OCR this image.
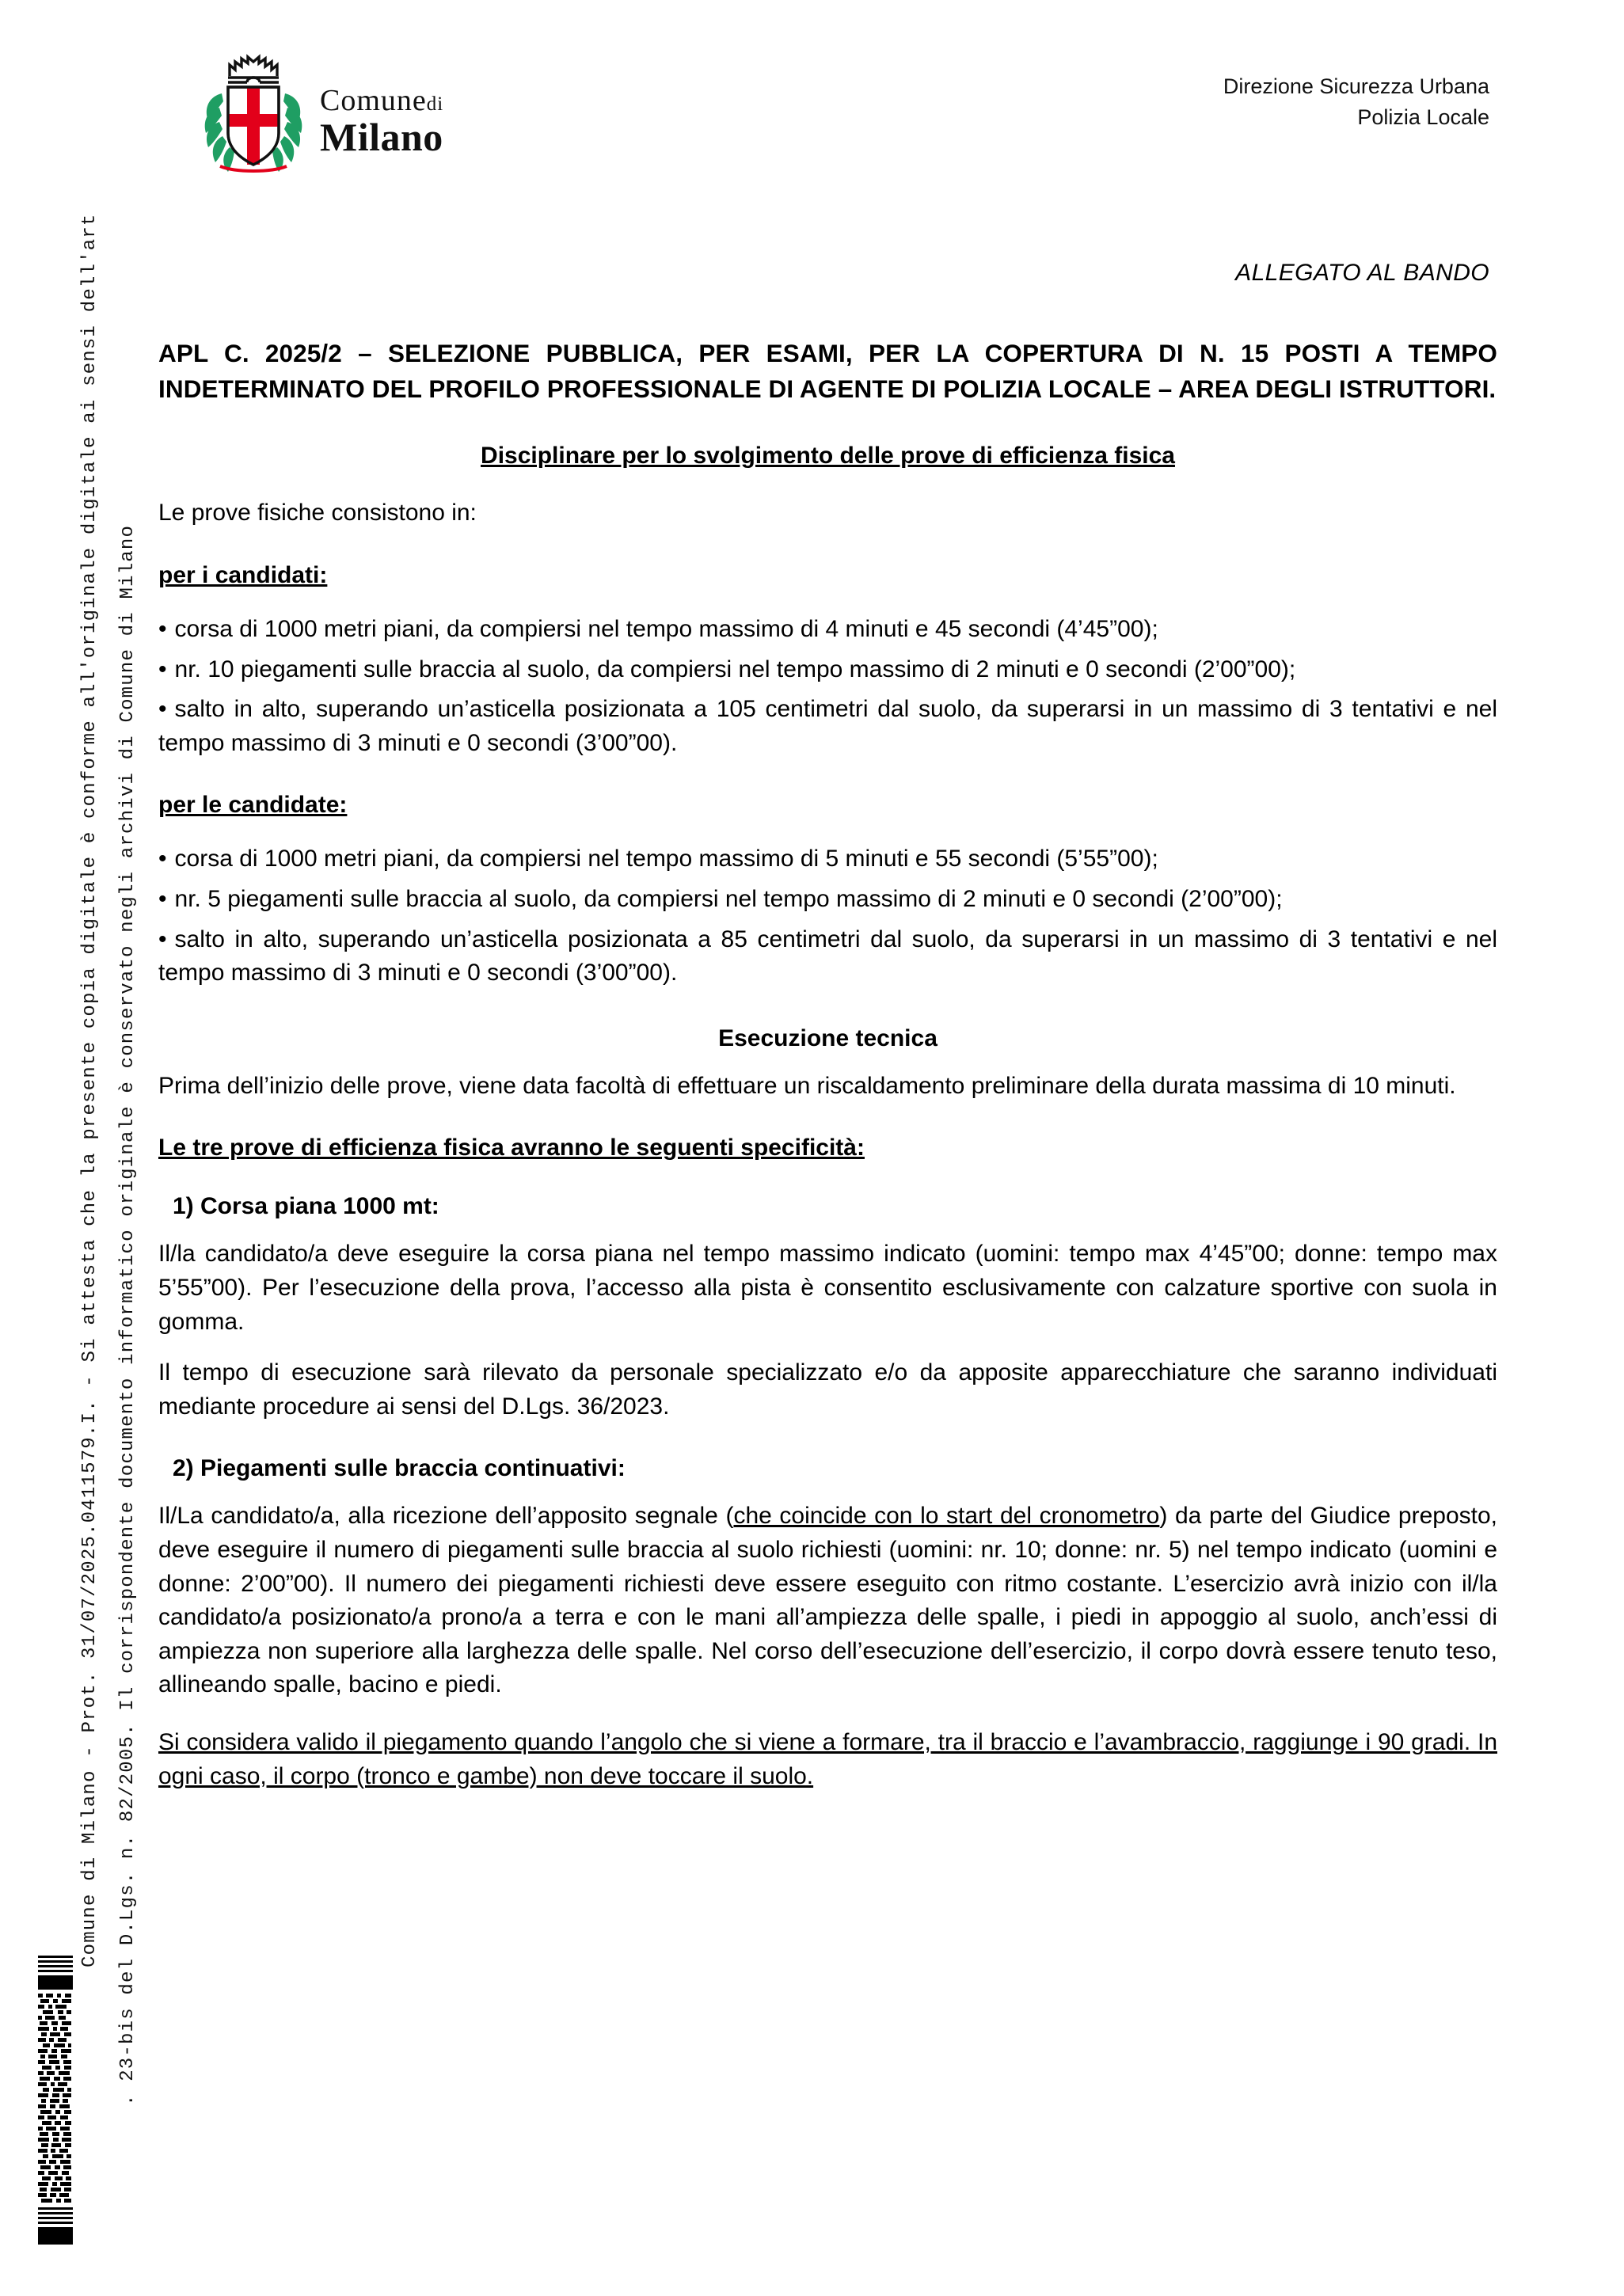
Comune di Milano - Prot. 31/07/2025.0411579.I. - Si attesta che la presente copia digitale è conforme all'originale digitale ai sensi dell'art . 23-bis del D.Lgs. n. 82/2005. Il corrispondente documento informatico originale è conservato negli archivi di Comune di Milano
Comunedi
Milano
Direzione Sicurezza Urbana
Polizia Locale
ALLEGATO AL BANDO
APL C. 2025/2 – SELEZIONE PUBBLICA, PER ESAMI, PER LA COPERTURA DI N. 15 POSTI A TEMPO INDETERMINATO DEL PROFILO PROFESSIONALE DI AGENTE DI POLIZIA LOCALE – AREA DEGLI ISTRUTTORI.
Disciplinare per lo svolgimento delle prove di efficienza fisica

Le prove fisiche consistono in:

per i candidati:
• corsa di 1000 metri piani, da compiersi nel tempo massimo di 4 minuti e 45 secondi (4’45”00);
• nr. 10 piegamenti sulle braccia al suolo, da compiersi nel tempo massimo di 2 minuti e 0 secondi (2’00”00);
• salto in alto, superando un’asticella posizionata a 105 centimetri dal suolo, da superarsi in un massimo di 3 tentativi e nel tempo massimo di 3 minuti e 0 secondi (3’00”00).
per le candidate:
• corsa di 1000 metri piani, da compiersi nel tempo massimo di 5 minuti e 55 secondi (5’55”00);
• nr. 5 piegamenti sulle braccia al suolo, da compiersi nel tempo massimo di 2 minuti e 0 secondi (2’00”00);
• salto in alto, superando un’asticella posizionata a 85 centimetri dal suolo, da superarsi in un massimo di 3 tentativi e nel tempo massimo di 3 minuti e 0 secondi (3’00”00).
Esecuzione tecnica

Prima dell’inizio delle prove, viene data facoltà di effettuare un riscaldamento preliminare della durata massima di 10 minuti.

Le tre prove di efficienza fisica avranno le seguenti specificità:
1) Corsa piana 1000 mt:

Il/la candidato/a deve eseguire la corsa piana nel tempo massimo indicato (uomini: tempo max 4’45”00; donne: tempo max 5’55”00). Per l’esecuzione della prova, l’accesso alla pista è consentito esclusivamente con calzature sportive con suola in gomma.

Il tempo di esecuzione sarà rilevato da personale specializzato e/o da apposite apparecchiature che saranno individuati mediante procedure ai sensi del D.Lgs. 36/2023.

2) Piegamenti sulle braccia continuativi:

Il/La candidato/a, alla ricezione dell’apposito segnale (che coincide con lo start del cronometro) da parte del Giudice preposto, deve eseguire il numero di piegamenti sulle braccia al suolo richiesti (uomini: nr. 10; donne: nr. 5) nel tempo indicato (uomini e donne: 2’00”00). Il numero dei piegamenti richiesti deve essere eseguito con ritmo costante. L’esercizio avrà inizio con il/la candidato/a posizionato/a prono/a a terra e con le mani all’ampiezza delle spalle, i piedi in appoggio al suolo, anch’essi di ampiezza non superiore alla larghezza delle spalle. Nel corso dell’esecuzione dell’esercizio, il corpo dovrà essere tenuto teso, allineando spalle, bacino e piedi.

Si considera valido il piegamento quando l’angolo che si viene a formare, tra il braccio e l’avambraccio, raggiunge i 90 gradi. In ogni caso, il corpo (tronco e gambe) non deve toccare il suolo.
